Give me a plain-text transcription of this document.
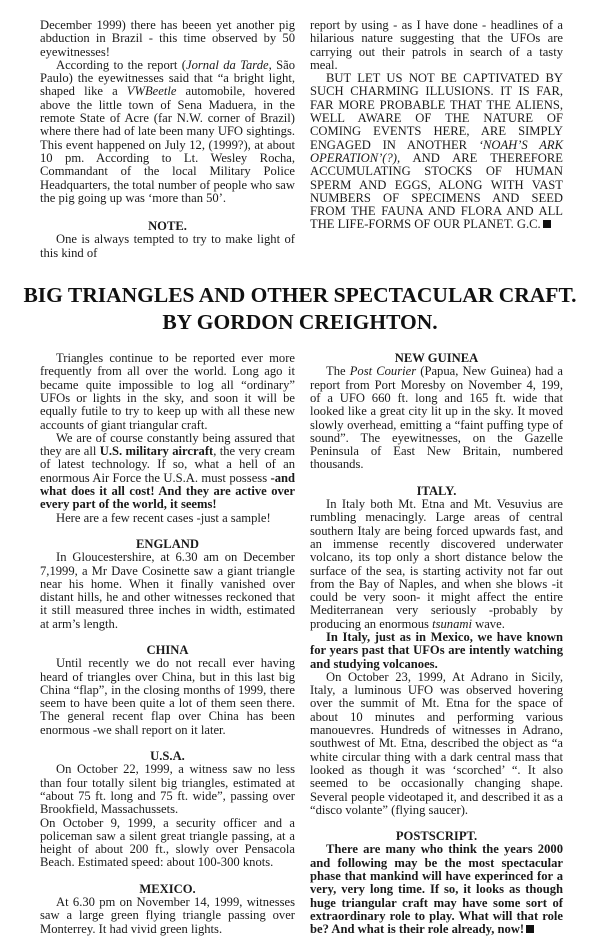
December 1999) there has beeen yet another pig abduction in Brazil - this time observed by 50 eyewitnesses!

According to the report (Jornal da Tarde, São Paulo) the eyewitnesses said that “a bright light, shaped like a VWBeetle automobile, hovered above the little town of Sena Maduera, in the remote State of Acre (far N.W. corner of Brazil) where there had of late been many UFO sightings. This event happened on July 12, (1999?), at about 10 pm. According to Lt. Wesley Rocha, Commandant of the local Military Police Headquarters, the total number of people who saw the pig going up was ‘more than 50’.

NOTE.

One is always tempted to try to make light of this kind of

report by using - as I have done - headlines of a hilarious nature suggesting that the UFOs are carrying out their patrols in search of a tasty meal.

BUT LET US NOT BE CAPTIVATED BY SUCH CHARMING ILLUSIONS. IT IS FAR, FAR MORE PROBABLE THAT THE ALIENS, WELL AWARE OF THE NATURE OF COMING EVENTS HERE, ARE SIMPLY ENGAGED IN ANOTHER ‘NOAH’S ARK OPERATION’(?), AND ARE THEREFORE ACCUMULATING STOCKS OF HUMAN SPERM AND EGGS, ALONG WITH VAST NUMBERS OF SPECIMENS AND SEED FROM THE FAUNA AND FLORA AND ALL THE LIFE-FORMS OF OUR PLANET. G.C.

BIG TRIANGLES AND OTHER SPECTACULAR CRAFT.
BY GORDON CREIGHTON.

Triangles continue to be reported ever more frequently from all over the world. Long ago it became quite impossible to log all “ordinary” UFOs or lights in the sky, and soon it will be equally futile to try to keep up with all these new accounts of giant triangular craft.

We are of course constantly being assured that they are all U.S. military aircraft, the very cream of latest technology. If so, what a hell of an enormous Air Force the U.S.A. must possess -and what does it all cost! And they are active over every part of the world, it seems!

Here are a few recent cases -just a sample!

ENGLAND

In Gloucestershire, at 6.30 am on December 7,1999, a Mr Dave Cosinette saw a giant triangle near his home. When it finally vanished over distant hills, he and other witnesses reckoned that it still measured three inches in width, estimated at arm’s length.

CHINA

Until recently we do not recall ever having heard of triangles over China, but in this last big China “flap”, in the closing months of 1999, there seem to have been quite a lot of them seen there. The general recent flap over China has been enormous -we shall report on it later.

U.S.A.

On October 22, 1999, a witness saw no less than four totally silent big triangles, estimated at “about 75 ft. long and 75 ft. wide”, passing over Brookfield, Massachussets.

On October 9, 1999, a security officer and a policeman saw a silent great triangle passing, at a height of about 200 ft., slowly over Pensacola Beach. Estimated speed: about 100-300 knots.

MEXICO.

At 6.30 pm on November 14, 1999, witnesses saw a large green flying triangle passing over Monterrey. It had vivid green lights.

NEW GUINEA

The Post Courier (Papua, New Guinea) had a report from Port Moresby on November 4, 199, of a UFO 660 ft. long and 165 ft. wide that looked like a great city lit up in the sky. It moved slowly overhead, emitting a “faint puffing type of sound”. The eyewitnesses, on the Gazelle Peninsula of East New Britain, numbered thousands.

ITALY.

In Italy both Mt. Etna and Mt. Vesuvius are rumbling menacingly. Large areas of central southern Italy are being forced upwards fast, and an immense recently discovered underwater volcano, its top only a short distance below the surface of the sea, is starting activity not far out from the Bay of Naples, and when she blows -it could be very soon- it might affect the entire Mediterranean very seriously -probably by producing an enormous tsunami wave.

In Italy, just as in Mexico, we have known for years past that UFOs are intently watching and studying volcanoes.

On October 23, 1999, At Adrano in Sicily, Italy, a luminous UFO was observed hovering over the summit of Mt. Etna for the space of about 10 minutes and performing various manouevres. Hundreds of witnesses in Adrano, southwest of Mt. Etna, described the object as “a white circular thing with a dark central mass that looked as though it was ‘scorched’ “. It also seemed to be occasionally changing shape. Several people videotaped it, and described it as a “disco volante” (flying saucer).

POSTSCRIPT.

There are many who think the years 2000 and following may be the most spectacular phase that mankind will have experinced for a very, very long time. If so, it looks as though huge triangular craft may have some sort of extraordinary role to play. What will that role be? And what is their role already, now!
